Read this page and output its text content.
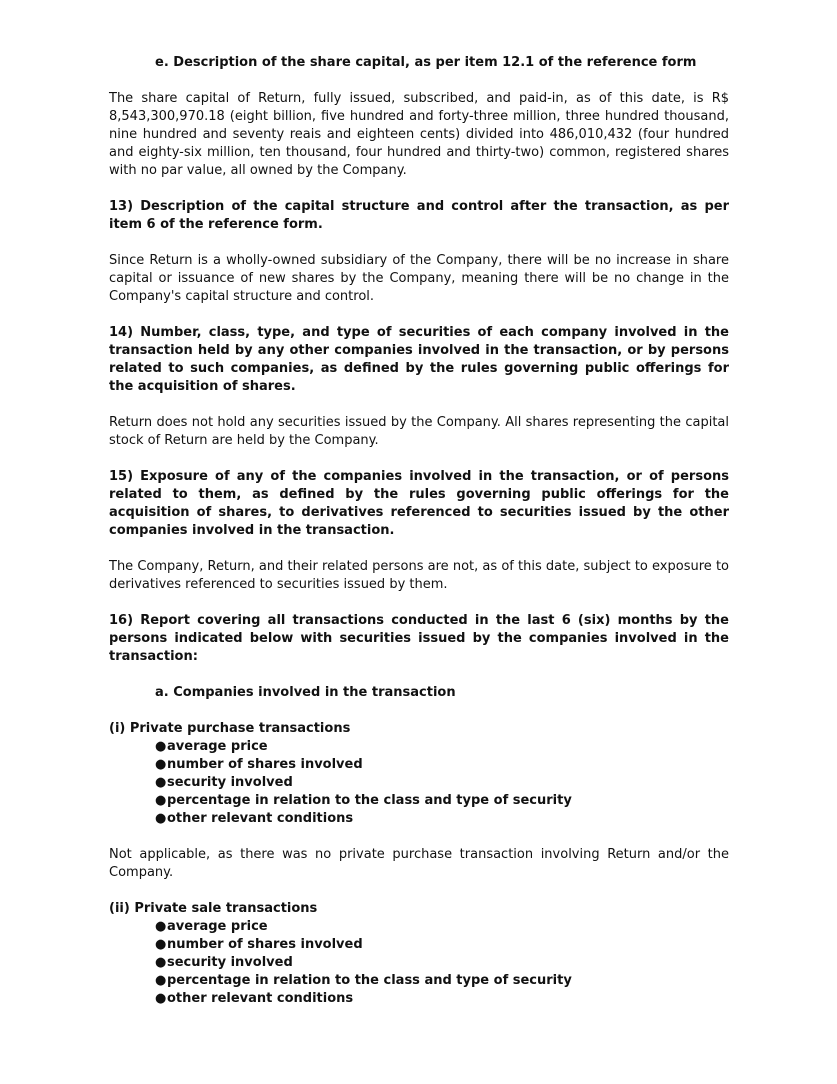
e. Description of the share capital, as per item 12.1 of the reference form

The share capital of Return, fully issued, subscribed, and paid-in, as of this date, is R$ 8,543,300,970.18 (eight billion, five hundred and forty-three million, three hundred thousand, nine hundred and seventy reais and eighteen cents) divided into 486,010,432 (four hundred and eighty-six million, ten thousand, four hundred and thirty-two) common, registered shares with no par value, all owned by the Company.

13) Description of the capital structure and control after the transaction, as per item 6 of the reference form.

Since Return is a wholly-owned subsidiary of the Company, there will be no increase in share capital or issuance of new shares by the Company, meaning there will be no change in the Company's capital structure and control.

14) Number, class, type, and type of securities of each company involved in the transaction held by any other companies involved in the transaction, or by persons related to such companies, as defined by the rules governing public offerings for the acquisition of shares.

Return does not hold any securities issued by the Company. All shares representing the capital stock of Return are held by the Company.

15) Exposure of any of the companies involved in the transaction, or of persons related to them, as defined by the rules governing public offerings for the acquisition of shares, to derivatives referenced to securities issued by the other companies involved in the transaction.

The Company, Return, and their related persons are not, as of this date, subject to exposure to derivatives referenced to securities issued by them.

16) Report covering all transactions conducted in the last 6 (six) months by the persons indicated below with securities issued by the companies involved in the transaction:

a. Companies involved in the transaction

(i) Private purchase transactions

● average price
● number of shares involved
● security involved
● percentage in relation to the class and type of security
● other relevant conditions

Not applicable, as there was no private purchase transaction involving Return and/or the Company.

(ii) Private sale transactions

● average price
● number of shares involved
● security involved
● percentage in relation to the class and type of security
● other relevant conditions
